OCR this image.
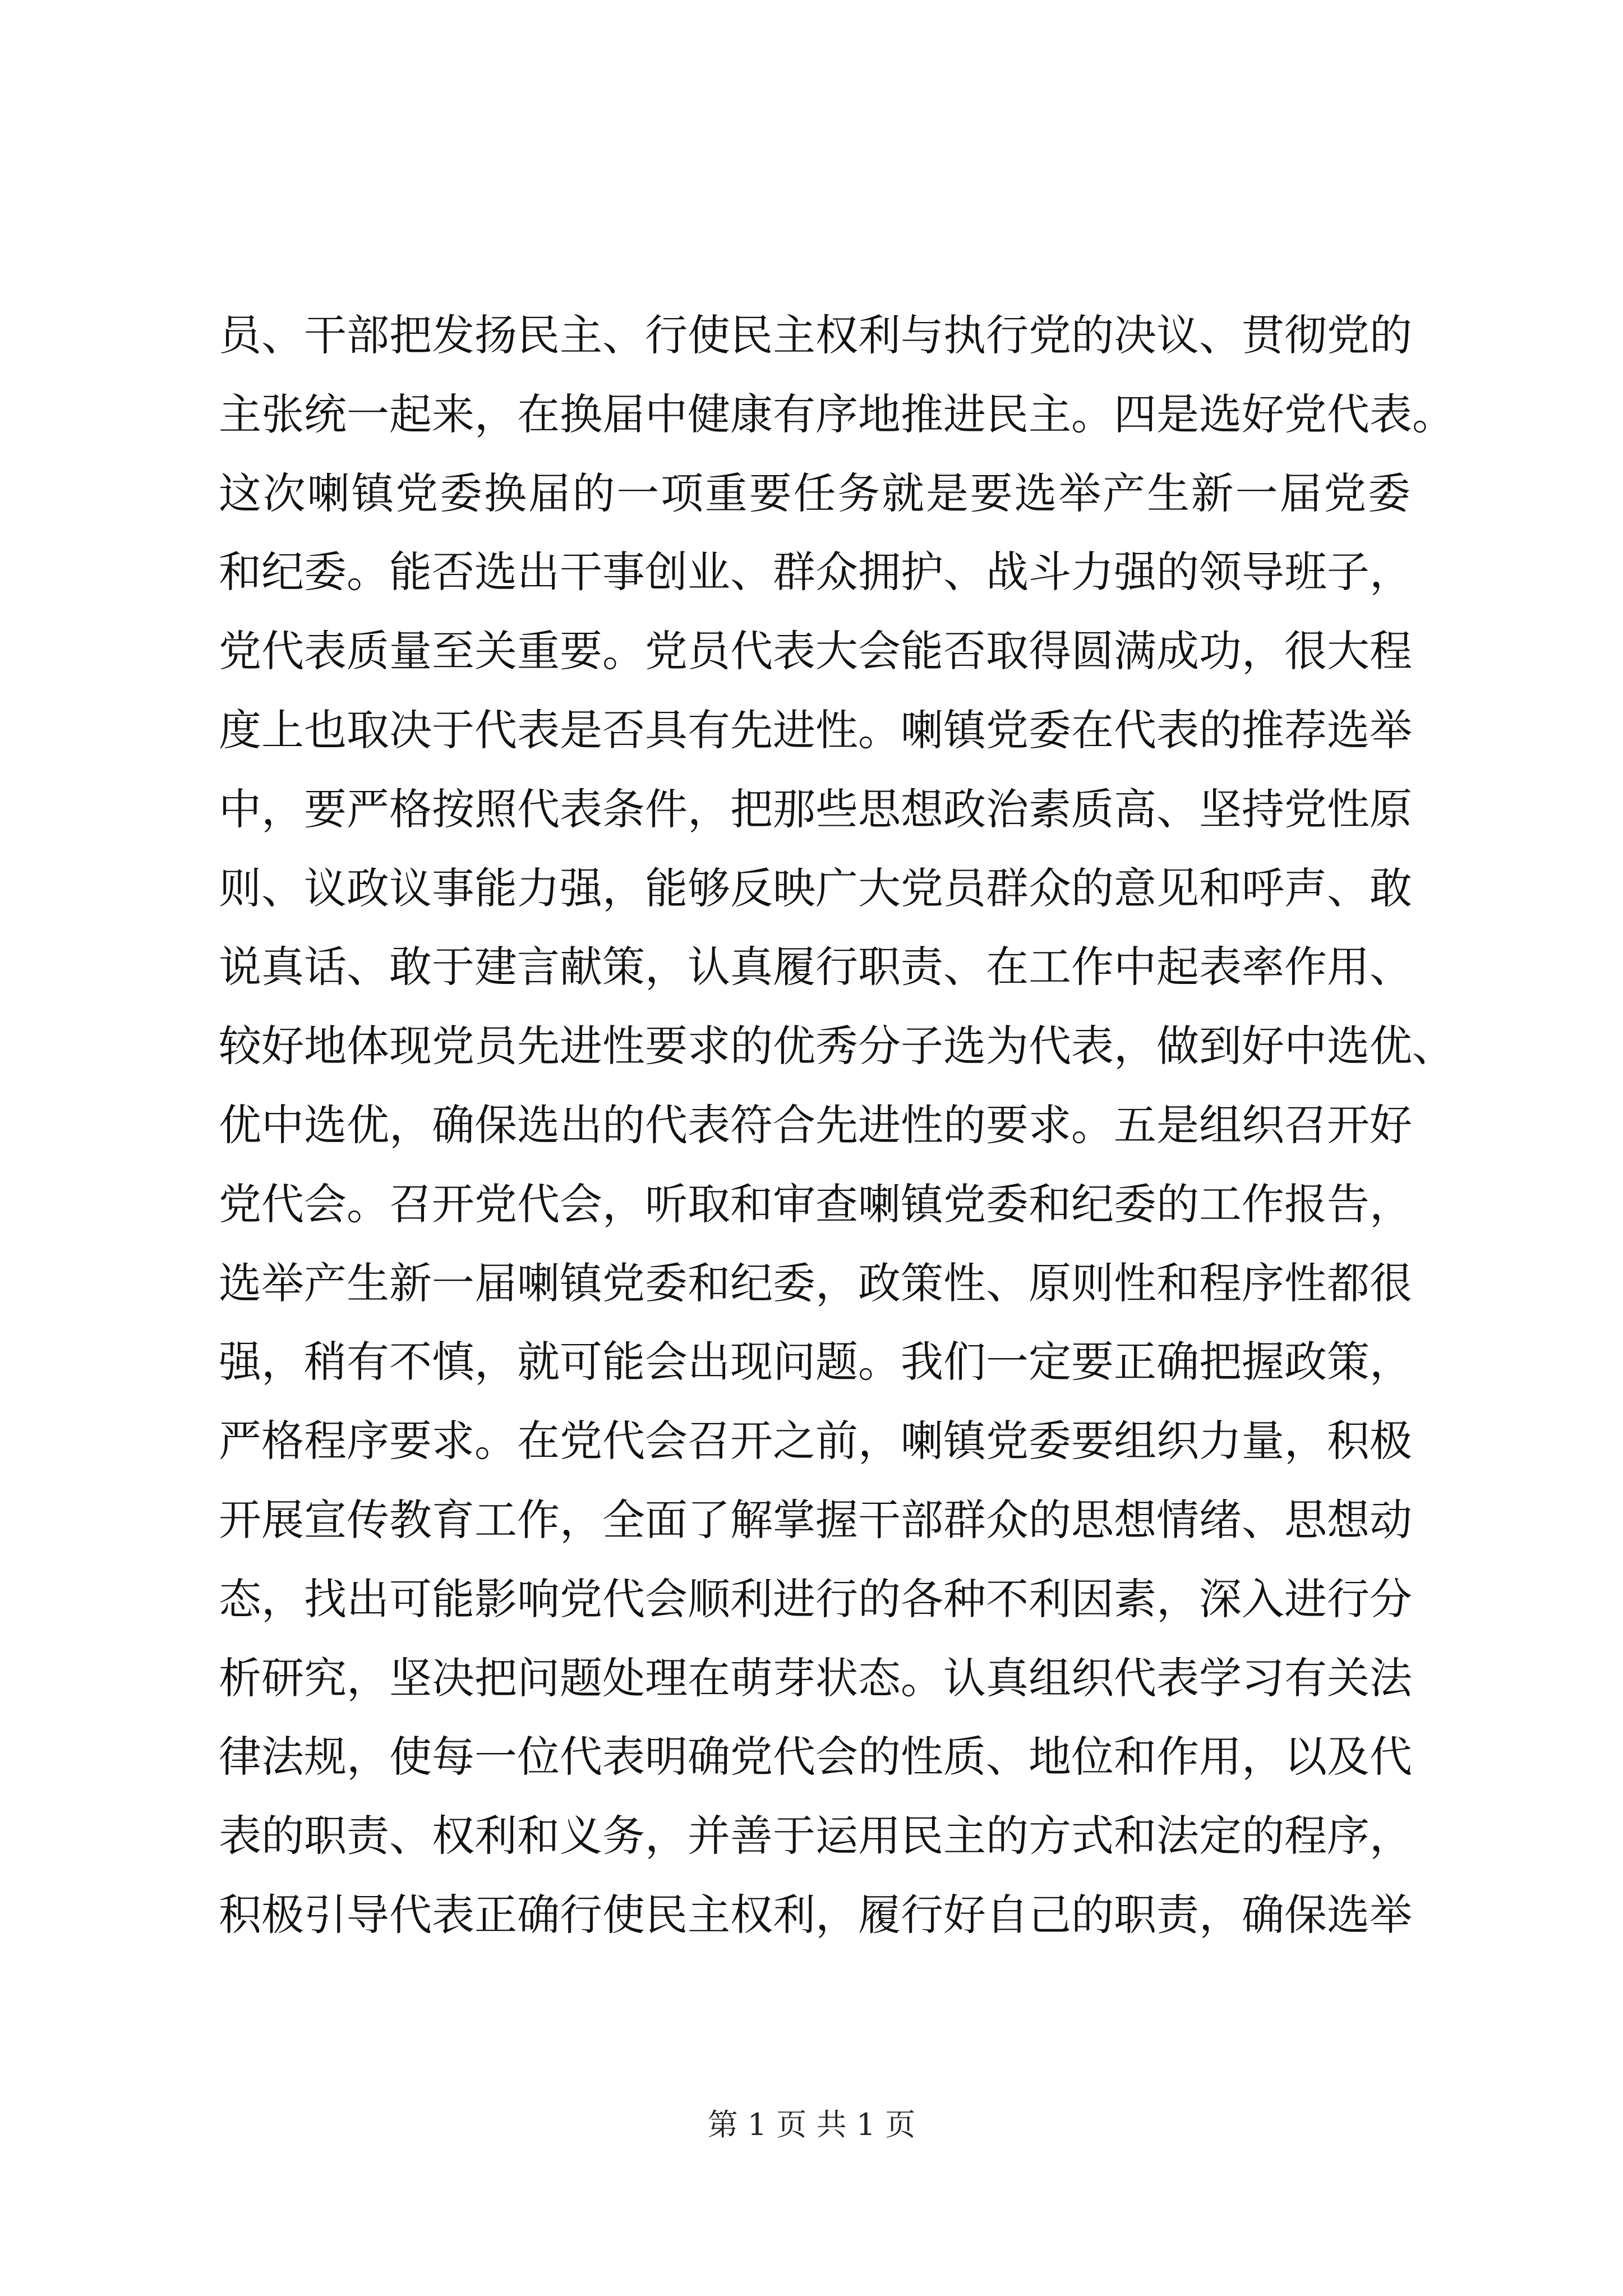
员、干部把发扬民主、行使民主权利与执行党的决议、贯彻党的
主张统一起来，在换届中健康有序地推进民主。四是选好党代表。
这次喇镇党委换届的一项重要任务就是要选举产生新一届党委
和纪委。能否选出干事创业、群众拥护、战斗力强的领导班子，
党代表质量至关重要。党员代表大会能否取得圆满成功，很大程
度上也取决于代表是否具有先进性。喇镇党委在代表的推荐选举
中，要严格按照代表条件，把那些思想政治素质高、坚持党性原
则、议政议事能力强，能够反映广大党员群众的意见和呼声、敢
说真话、敢于建言献策，认真履行职责、在工作中起表率作用、
较好地体现党员先进性要求的优秀分子选为代表，做到好中选优、
优中选优，确保选出的代表符合先进性的要求。五是组织召开好
党代会。召开党代会，听取和审查喇镇党委和纪委的工作报告，
选举产生新一届喇镇党委和纪委，政策性、原则性和程序性都很
强，稍有不慎，就可能会出现问题。我们一定要正确把握政策，
严格程序要求。在党代会召开之前，喇镇党委要组织力量，积极
开展宣传教育工作，全面了解掌握干部群众的思想情绪、思想动
态，找出可能影响党代会顺利进行的各种不利因素，深入进行分
析研究，坚决把问题处理在萌芽状态。认真组织代表学习有关法
律法规，使每一位代表明确党代会的性质、地位和作用，以及代
表的职责、权利和义务，并善于运用民主的方式和法定的程序，
积极引导代表正确行使民主权利，履行好自己的职责，确保选举
第 1 页 共 1 页
